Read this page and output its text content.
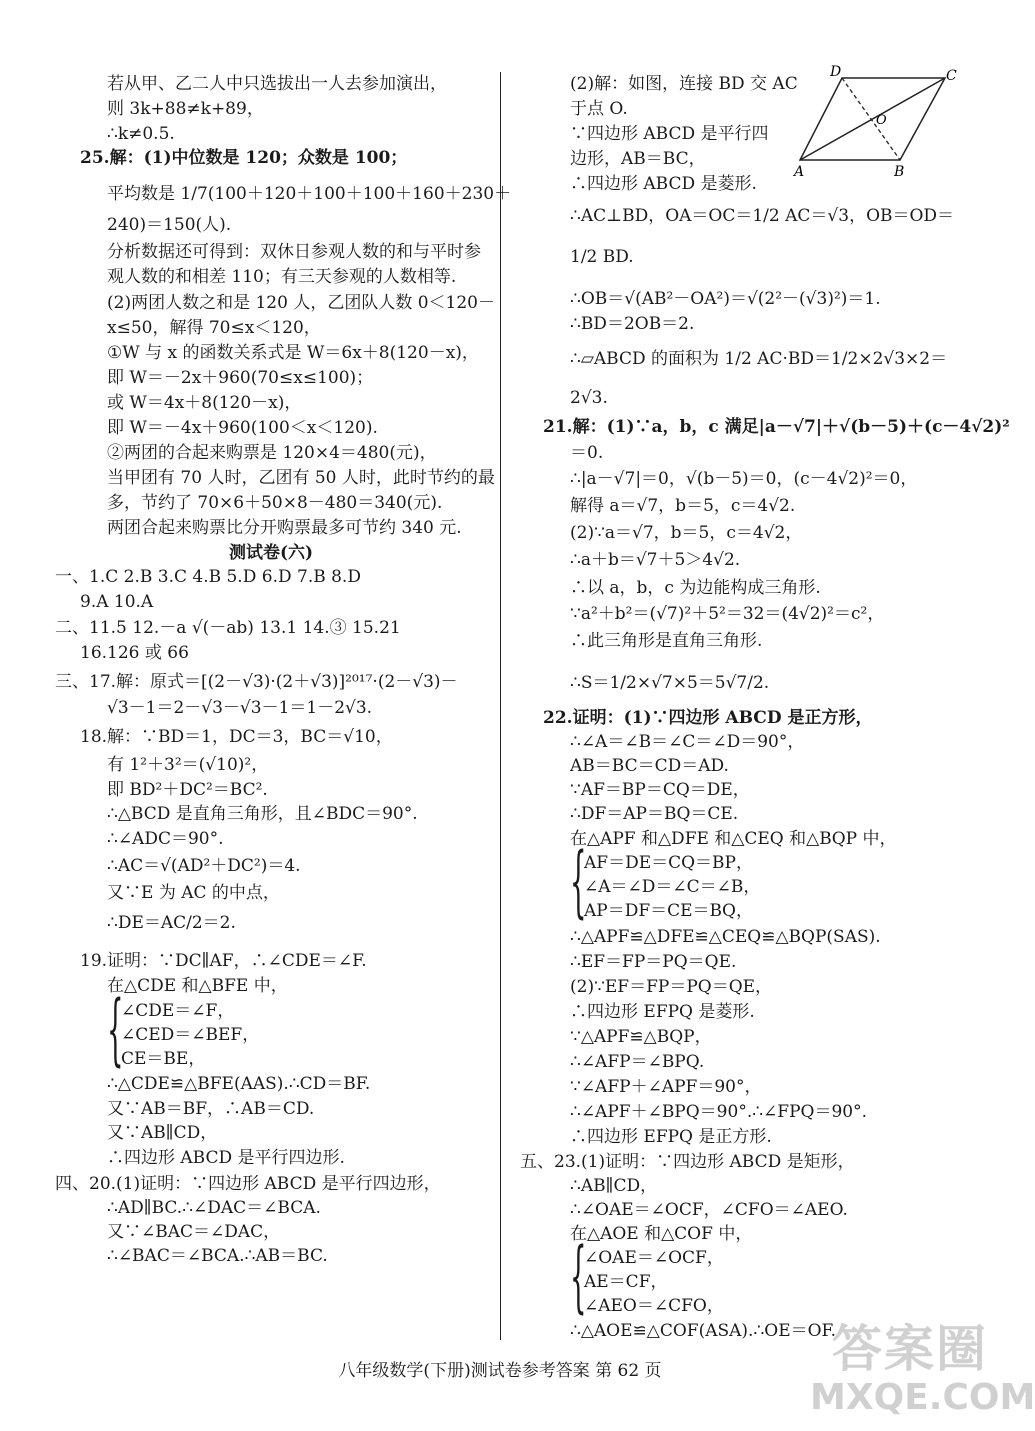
若从甲、乙二人中只选拔出一人去参加演出，
则 3k+88≠k+89，
∴k≠0.5.
25.解：(1)中位数是 120；众数是 100；
平均数是 1/7(100＋120＋100＋100＋160＋230＋
240)＝150(人).
分析数据还可得到：双休日参观人数的和与平时参
观人数的和相差 110；有三天参观的人数相等.
(2)两团人数之和是 120 人，乙团队人数 0＜120－
x≤50，解得 70≤x＜120，
①W 与 x 的函数关系式是 W＝6x＋8(120－x)，
即 W＝－2x＋960(70≤x≤100)；
或 W＝4x＋8(120－x)，
即 W＝－4x＋960(100＜x＜120).
②两团的合起来购票是 120×4＝480(元)，
当甲团有 70 人时，乙团有 50 人时，此时节约的最
多，节约了 70×6＋50×8－480＝340(元).
两团合起来购票比分开购票最多可节约 340 元.
测试卷(六)
一、1.C 2.B 3.C 4.B 5.D 6.D 7.B 8.D
9.A 10.A
二、11.5 12.－a √(－ab) 13.1 14.③ 15.21
16.126 或 66
三、17.解：原式＝[(2－√3)·(2＋√3)]²⁰¹⁷·(2－√3)－
√3－1＝2－√3－√3－1＝1－2√3.
18.解：∵BD＝1，DC＝3，BC＝√10，
有 1²＋3²＝(√10)²，
即 BD²＋DC²＝BC².
∴△BCD 是直角三角形，且∠BDC＝90°.
∴∠ADC＝90°.
∴AC＝√(AD²＋DC²)＝4.
又∵E 为 AC 的中点，
∴DE＝AC/2＝2.
19.证明：∵DC∥AF，∴∠CDE＝∠F.
在△CDE 和△BFE 中，
{
∠CDE＝∠F，
∠CED＝∠BEF，
CE＝BE，
∴△CDE≌△BFE(AAS).∴CD＝BF.
又∵AB＝BF，∴AB＝CD.
又∵AB∥CD，
∴四边形 ABCD 是平行四边形.
四、20.(1)证明：∵四边形 ABCD 是平行四边形，
∴AD∥BC.∴∠DAC＝∠BCA.
又∵∠BAC＝∠DAC，
∴∠BAC＝∠BCA.∴AB＝BC.
(2)解：如图，连接 BD 交 AC
于点 O.
∵四边形 ABCD 是平行四
边形，AB＝BC，
∴四边形 ABCD 是菱形.
∴AC⊥BD，OA＝OC＝1/2 AC＝√3，OB＝OD＝
1/2 BD.
∴OB＝√(AB²－OA²)＝√(2²－(√3)²)＝1.
∴BD＝2OB＝2.
∴▱ABCD 的面积为 1/2 AC·BD＝1/2×2√3×2＝
2√3.
21.解：(1)∵a，b，c 满足|a－√7|＋√(b－5)＋(c－4√2)²
＝0.
∴|a－√7|＝0，√(b－5)＝0，(c－4√2)²＝0，
解得 a＝√7，b＝5，c＝4√2.
(2)∵a＝√7，b＝5，c＝4√2，
∴a＋b＝√7＋5＞4√2.
∴以 a，b，c 为边能构成三角形.
∵a²＋b²＝(√7)²＋5²＝32＝(4√2)²＝c²，
∴此三角形是直角三角形.
∴S＝1/2×√7×5＝5√7/2.
22.证明：(1)∵四边形 ABCD 是正方形，
∴∠A＝∠B＝∠C＝∠D＝90°，
AB＝BC＝CD＝AD.
∵AF＝BP＝CQ＝DE，
∴DF＝AP＝BQ＝CE.
在△APF 和△DFE 和△CEQ 和△BQP 中，
{
AF＝DE＝CQ＝BP，
∠A＝∠D＝∠C＝∠B，
AP＝DF＝CE＝BQ，
∴△APF≌△DFE≌△CEQ≌△BQP(SAS).
∴EF＝FP＝PQ＝QE.
(2)∵EF＝FP＝PQ＝QE，
∴四边形 EFPQ 是菱形.
∵△APF≌△BQP，
∴∠AFP＝∠BPQ.
∵∠AFP＋∠APF＝90°，
∴∠APF＋∠BPQ＝90°.∴∠FPQ＝90°.
∴四边形 EFPQ 是正方形.
五、23.(1)证明：∵四边形 ABCD 是矩形，
∴AB∥CD，
∴∠OAE＝∠OCF，∠CFO＝∠AEO.
在△AOE 和△COF 中，
{
∠OAE＝∠OCF，
AE＝CF，
∠AEO＝∠CFO，
∴△AOE≌△COF(ASA).∴OE＝OF.
D	C
O
A	B
八年级数学(下册)测试卷参考答案 第 62 页	答案圈
MXQE.COM
